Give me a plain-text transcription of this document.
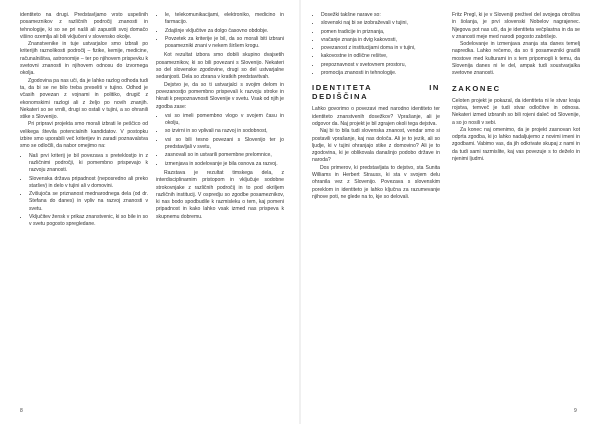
identiteto na drugi. Predstavljamo vrsto uspešnih posameznikov z različnih področij znanosti in tehnologije, ki so se pri našli ali zapustili svoj domačo višino ozemlja ali bili vključeni v slovensko okolje.

Znanstvenike in tuje ustvarjalce smo izbrali po kriterijih raznolikosti področij – fizike, kemije, medicine, računalništva, astronomije – ter po njihovem prispevku k svetovni znanosti in njihovem odnosu do izvornega okolja.

Zgodovina pa nas uči, da je lahko razlog odhoda tudi ta, da bi se ne bilo treba preseliti v tujino. Odhod je včasih povezan z vojnami in politiko, drugič z ekonomskimi razlogi ali z željo po novih znanjih. Nekateri so se vrnili, drugi so ostali v tujini, a so ohranili stike s Slovenijo.

Pri pripravi projekta smo morali izbrati le peščico od velikega števila potencialnih kandidatov. V postopku izbire smo uporabili več kriterijev in zaradi poznavalstva smo se odločili, da nabor omejimo na:

• Naš prvi kriterij je bil povezava s preteklostjo in z različnimi področji, ki pomembno prispevajo k razvoju znanosti.
• Slovenska država pripadnost (neposredno ali preko staršev) in delo v tujini ali v domovini.
• Zvišujoča se priznanost mednarodnega dela (od dr. Stefana do danes) in vpliv na razvoj znanosti v svetu.
• Vključitev žensk v prikaz znanstvenic, ki so bile in so v svetu pogosto spregledane.
• le, telekomunikacijami, elektroniko, medicino in farmacijo.
• Zdajšnje vključitve za dolgo časovno obdobje.
• Povzetek za kriterije je bil, da so morali biti izbrani posamezniki znani v nekem širšem krogu.

Kot rezultat izbora smo dobili skupino dvajsetih posameznikov, ki so bili povezani s Slovenijo. Nekateri so del slovenske zgodovine, drugi so del ustvarjalne sedanjosti. Dela so zbrana v kratkih predstavitvah.

Dejstvo je, da so ti ustvarjalci s svojim delom in povezanostjo pomembno prispevali k razvoju stroke in hkrati k prepoznavnosti Slovenije v svetu. Vsak od njih je zgodba zase:

• vsi so imeli pomembno vlogo v svojem času in okolju,
• so izvirni in so vplivali na razvoj in sodobnost,
• vsi so bili tesno povezani s Slovenijo ter jo predstavljali v svetu,
• zasnovali so in ustvarili pomembne prelomnice,
• izmenjava in sodelovanje je bila osnova za razvoj.

Razstava je rezultat timskega dela, z interdisciplinarnim pristopom in vključuje sodobne strokovnjake z različnih področij in to pod okriljem različnih institucij. V ospredju so zgodbe posameznikov, ki nas bodo spodbudile k razmisleku o tem, kaj pomeni pripadnost in kako lahko vsak izmed nas prispeva k skupnemu dobremu.

8
• Dosežki takšne narave so:
• slovenski naj bi se izobraževali v tujini,
• pomen tradicije in priznanja,
• vračanje znanja in dvig kakovosti,
• povezanost z institucijami doma in v tujini,
• kakovostne in odlične rešitve,
• prepoznavnost v svetovnem prostoru,
• promocija znanosti in tehnologije.
IDENTITETA IN DEDIŠČINA

Lahko govorimo o povezavi med narodno identiteto ter identiteto znanstvenih dosežkov? Vprašanje, ali je odgovor da. Naj projekt je bil zgrajen okoli tega dejstva.

Naj bi to bila tudi slovenska znanost, vendar smo si postavili vprašanje, kaj nas določa. Ali je to jezik, ali so ljudje, ki v tujini ohranjajo stike z domovino? Ali je to zgodovina, ki je oblikovala današnjo podobo države in naroda?

Dos primerov, ki predstavljata to dejstvo, sta Sunita Williams in Herbert Strauss, ki sta v svojem delu ohranila vez z Slovenijo. Povezava s slovenskim poreklom in identiteto je lahko ključna za razumevanje njihove poti, ne glede na to, kje so delovali.

Fritz Pregl, ki je v Sloveniji preživel del svojega otroštva in šolanja, je prvi slovenski Nobelov nagrajenec. Njegova pot nas uči, da je identiteta večplastna in da se v znanosti meje med narodi pogosto zabrišejo.

Sodelovanje in izmenjava znanja sta danes temelj napredka. Lahko rečemo, da so ti posamezniki gradili mostove med kulturami in s tem pripomogli k temu, da Slovenija danes ni le del, ampak tudi soustvarjalka svetovne znanosti.

ZAKONEC

Celoten projekt je pokazal, da identiteta ni le stvar kraja rojstva, temveč je tudi stvar odločitve in odnosa. Nekateri izmed izbranih so bili rojeni daleč od Slovenije, a so jo nosili v sebi.

Za konec naj omenimo, da je projekt zasnovan kot odprta zgodba, ki jo lahko nadaljujemo z novimi imeni in zgodbami. Vabimo vas, da jih odkrivate skupaj z nami in da tudi sami razmislite, kaj vas povezuje s to deželo in njenimi ljudmi.

9
